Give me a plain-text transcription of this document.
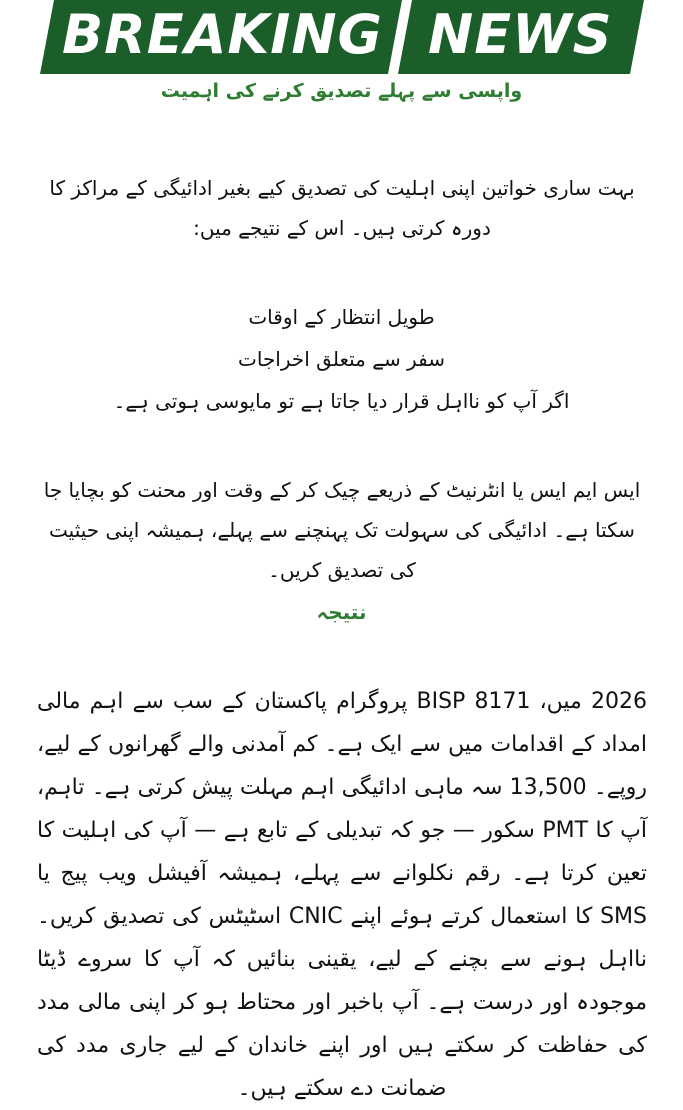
BREAKING NEWS
واپسی سے پہلے تصدیق کرنے کی اہمیت
بہت ساری خواتین اپنی اہلیت کی تصدیق کیے بغیر ادائیگی کے مراکز کا دورہ کرتی ہیں۔ اس کے نتیجے میں:
طویل انتظار کے اوقات
سفر سے متعلق اخراجات
اگر آپ کو نااہل قرار دیا جاتا ہے تو مایوسی ہوتی ہے۔
ایس ایم ایس یا انٹرنیٹ کے ذریعے چیک کر کے وقت اور محنت کو بچایا جا سکتا ہے۔ ادائیگی کی سہولت تک پہنچنے سے پہلے، ہمیشہ اپنی حیثیت کی تصدیق کریں۔
نتیجہ
2026 میں، BISP 8171 پروگرام پاکستان کے سب سے اہم مالی امداد کے اقدامات میں سے ایک ہے۔ کم آمدنی والے گھرانوں کے لیے، روپے۔ 13,500 سہ ماہی ادائیگی اہم مہلت پیش کرتی ہے۔ تاہم، آپ کا PMT سکور — جو کہ تبدیلی کے تابع ہے — آپ کی اہلیت کا تعین کرتا ہے۔ رقم نکلوانے سے پہلے، ہمیشہ آفیشل ویب پیج یا SMS کا استعمال کرتے ہوئے اپنے CNIC اسٹیٹس کی تصدیق کریں۔ نااہل ہونے سے بچنے کے لیے، یقینی بنائیں کہ آپ کا سروے ڈیٹا موجودہ اور درست ہے۔ آپ باخبر اور محتاط ہو کر اپنی مالی مدد کی حفاظت کر سکتے ہیں اور اپنے خاندان کے لیے جاری مدد کی ضمانت دے سکتے ہیں۔
